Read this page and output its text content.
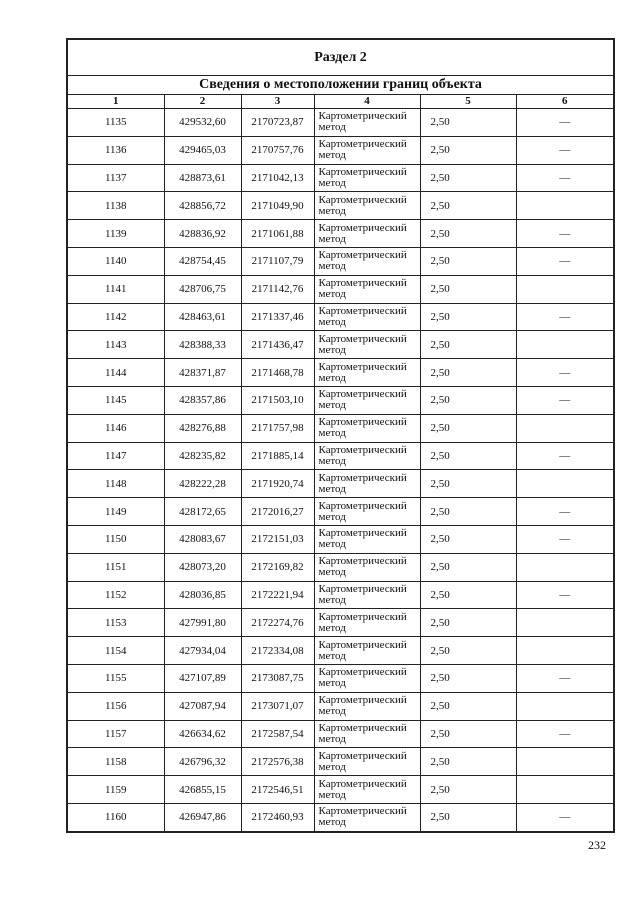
Раздел 2					
Сведения о местоположении границ объекта					
1	2	3	4	5	6
1135	429532,60	2170723,87	Картометрический метод	2,50	—
1136	429465,03	2170757,76	Картометрический метод	2,50	—
1137	428873,61	2171042,13	Картометрический метод	2,50	—
1138	428856,72	2171049,90	Картометрический метод	2,50	
1139	428836,92	2171061,88	Картометрический метод	2,50	—
1140	428754,45	2171107,79	Картометрический метод	2,50	—
1141	428706,75	2171142,76	Картометрический метод	2,50	
1142	428463,61	2171337,46	Картометрический метод	2,50	—
1143	428388,33	2171436,47	Картометрический метод	2,50	
1144	428371,87	2171468,78	Картометрический метод	2,50	—
1145	428357,86	2171503,10	Картометрический метод	2,50	—
1146	428276,88	2171757,98	Картометрический метод	2,50	
1147	428235,82	2171885,14	Картометрический метод	2,50	—
1148	428222,28	2171920,74	Картометрический метод	2,50	
1149	428172,65	2172016,27	Картометрический метод	2,50	—
1150	428083,67	2172151,03	Картометрический метод	2,50	—
1151	428073,20	2172169,82	Картометрический метод	2,50	
1152	428036,85	2172221,94	Картометрический метод	2,50	—
1153	427991,80	2172274,76	Картометрический метод	2,50	
1154	427934,04	2172334,08	Картометрический метод	2,50	
1155	427107,89	2173087,75	Картометрический метод	2,50	—
1156	427087,94	2173071,07	Картометрический метод	2,50	
1157	426634,62	2172587,54	Картометрический метод	2,50	—
1158	426796,32	2172576,38	Картометрический метод	2,50	
1159	426855,15	2172546,51	Картометрический метод	2,50	
1160	426947,86	2172460,93	Картометрический метод	2,50	—
232
